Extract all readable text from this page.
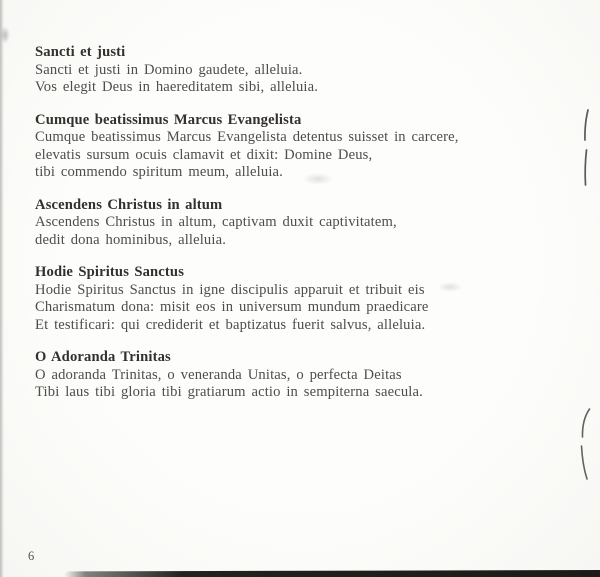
Sancti et justi

Sancti et justi in Domino gaudete, alleluia.

Vos elegit Deus in haereditatem sibi, alleluia.

Cumque beatissimus Marcus Evangelista

Cumque beatissimus Marcus Evangelista detentus suisset in carcere,

elevatis sursum ocuis clamavit et dixit: Domine Deus,

tibi commendo spiritum meum, alleluia.

Ascendens Christus in altum

Ascendens Christus in altum, captivam duxit captivitatem,

dedit dona hominibus, alleluia.

Hodie Spiritus Sanctus

Hodie Spiritus Sanctus in igne discipulis apparuit et tribuit eis

Charismatum dona: misit eos in universum mundum praedicare

Et testificari: qui crediderit et baptizatus fuerit salvus, alleluia.

O Adoranda Trinitas

O adoranda Trinitas, o veneranda Unitas, o perfecta Deitas

Tibi laus tibi gloria tibi gratiarum actio in sempiterna saecula.

6
